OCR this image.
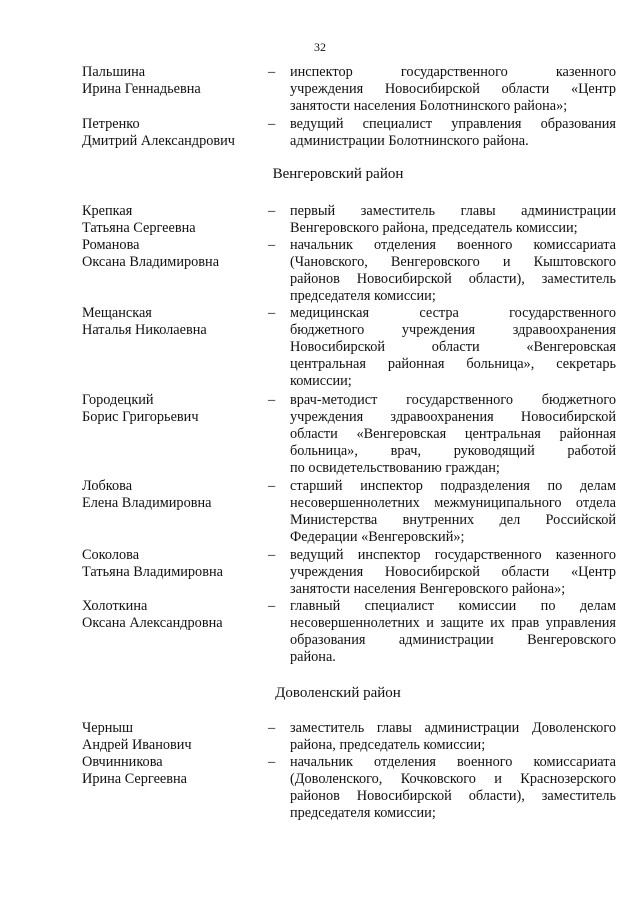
32
Пальшина
Ирина Геннадьевна
– инспектор государственного казенного
учреждения Новосибирской области «Центр
занятости населения Болотнинского района»;
Петренко
Дмитрий Александрович
– ведущий специалист управления образования
администрации Болотнинского района.
Венгеровский район
Крепкая
Татьяна Сергеевна
– первый заместитель главы администрации
Венгеровского района, председатель комиссии;
Романова
Оксана Владимировна
– начальник отделения военного комиссариата
(Чановского, Венгеровского и Кыштовского
районов Новосибирской области), заместитель
председателя комиссии;
Мещанская
Наталья Николаевна
– медицинская сестра государственного
бюджетного учреждения здравоохранения
Новосибирской области «Венгеровская
центральная районная больница», секретарь
комиссии;
Городецкий
Борис Григорьевич
– врач-методист государственного бюджетного
учреждения здравоохранения Новосибирской
области «Венгеровская центральная районная
больница», врач, руководящий работой
по освидетельствованию граждан;
Лобкова
Елена Владимировна
– старший инспектор подразделения по делам
несовершеннолетних межмуниципального отдела
Министерства внутренних дел Российской
Федерации «Венгеровский»;
Соколова
Татьяна Владимировна
– ведущий инспектор государственного казенного
учреждения Новосибирской области «Центр
занятости населения Венгеровского района»;
Холоткина
Оксана Александровна
– главный специалист комиссии по делам
несовершеннолетних и защите их прав управления
образования администрации Венгеровского
района.
Доволенский район
Черныш
Андрей Иванович
– заместитель главы администрации Доволенского
района, председатель комиссии;
Овчинникова
Ирина Сергеевна
– начальник отделения военного комиссариата
(Доволенского, Кочковского и Краснозерского
районов Новосибирской области), заместитель
председателя комиссии;
